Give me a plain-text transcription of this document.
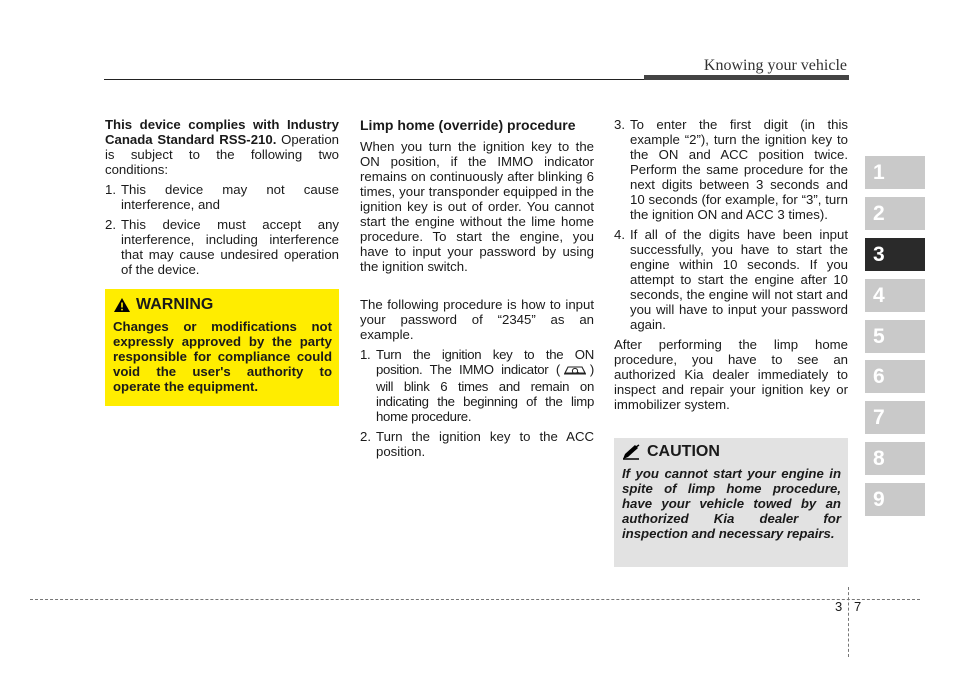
Knowing your vehicle

This device complies with Industry Canada Standard RSS-210. Operation is subject to the following two conditions:

1. This device may not cause interference, and
2. This device must accept any interference, including interference that may cause undesired operation of the device.
WARNING
Changes or modifications not expressly approved by the party responsible for compliance could void the user's authority to operate the equipment.

Limp home (override) procedure

When you turn the ignition key to the ON position, if the IMMO indicator remains on continuously after blinking 6 times, your transponder equipped in the ignition key is out of order. You cannot start the engine without the lime home procedure. To start the engine, you have to input your password by using the ignition switch.

The following procedure is how to input your password of “2345” as an example.

1. Turn the ignition key to the ON position. The IMMO indicator ( ) will blink 6 times and remain on indicating the beginning of the limp home procedure.
2. Turn the ignition key to the ACC position.
3. To enter the first digit (in this example “2”), turn the ignition key to the ON and ACC position twice. Perform the same procedure for the next digits between 3 seconds and 10 seconds (for example, for “3”, turn the ignition ON and ACC 3 times).
4. If all of the digits have been input successfully, you have to start the engine within 10 seconds. If you attempt to start the engine after 10 seconds, the engine will not start and you will have to input your password again.

After performing the limp home procedure, you have to see an authorized Kia dealer immediately to inspect and repair your ignition key or immobilizer system.

CAUTION
If you cannot start your engine in spite of limp home procedure, have your vehicle towed by an authorized Kia dealer for inspection and necessary repairs.
1
2
3
4
5
6
7
8
9
3 7
